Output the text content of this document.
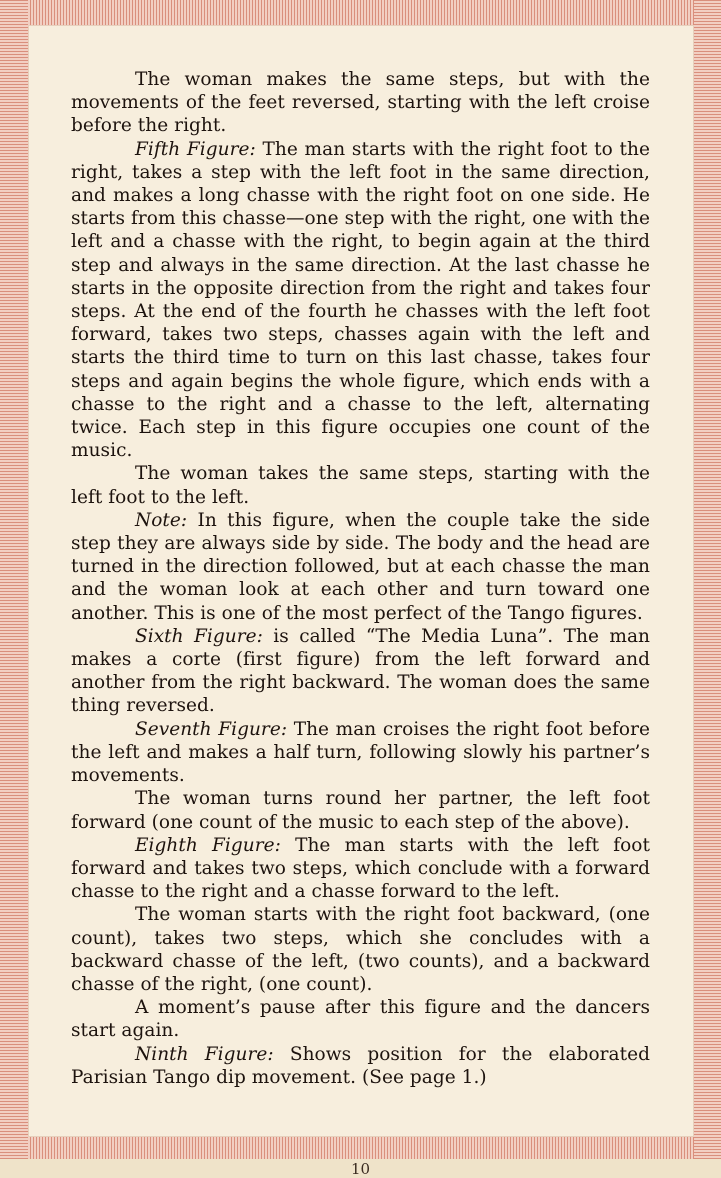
The woman makes the same steps, but with the movements of the feet reversed, starting with the left croise before the right.

Fifth Figure: The man starts with the right foot to the right, takes a step with the left foot in the same direction, and makes a long chasse with the right foot on one side. He starts from this chasse—one step with the right, one with the left and a chasse with the right, to begin again at the third step and always in the same direction. At the last chasse he starts in the opposite direction from the right and takes four steps. At the end of the fourth he chasses with the left foot forward, takes two steps, chasses again with the left and starts the third time to turn on this last chasse, takes four steps and again begins the whole figure, which ends with a chasse to the right and a chasse to the left, alternating twice. Each step in this figure occupies one count of the music.

The woman takes the same steps, starting with the left foot to the left.

Note: In this figure, when the couple take the side step they are always side by side. The body and the head are turned in the direction followed, but at each chasse the man and the woman look at each other and turn toward one another. This is one of the most perfect of the Tango figures.

Sixth Figure: is called “The Media Luna”. The man makes a corte (first figure) from the left forward and another from the right backward. The woman does the same thing reversed.

Seventh Figure: The man croises the right foot before the left and makes a half turn, following slowly his partner’s movements.

The woman turns round her partner, the left foot forward (one count of the music to each step of the above).

Eighth Figure: The man starts with the left foot forward and takes two steps, which conclude with a forward chasse to the right and a chasse forward to the left.

The woman starts with the right foot backward, (one count), takes two steps, which she concludes with a backward chasse of the left, (two counts), and a backward chasse of the right, (one count).

A moment’s pause after this figure and the dancers start again.

Ninth Figure: Shows position for the elaborated Parisian Tango dip movement. (See page 1.)

10
